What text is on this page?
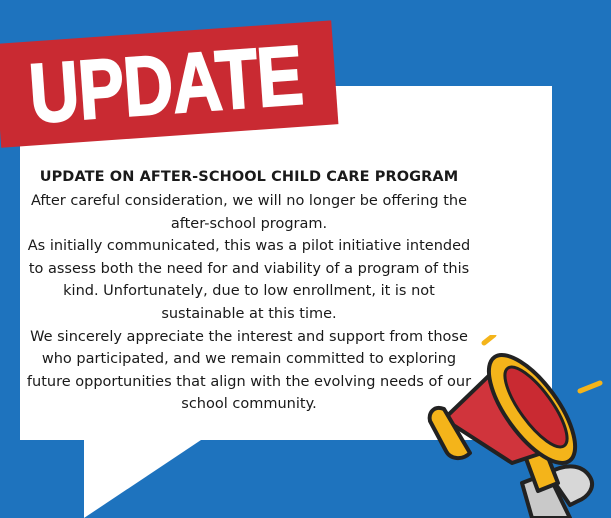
UPDATE

UPDATE ON AFTER-SCHOOL CHILD CARE PROGRAM

After careful consideration, we will no longer be offering the after-school program.

As initially communicated, this was a pilot initiative intended to assess both the need for and viability of a program of this kind. Unfortunately, due to low enrollment, it is not sustainable at this time.

We sincerely appreciate the interest and support from those who participated, and we remain committed to exploring future opportunities that align with the evolving needs of our school community.
